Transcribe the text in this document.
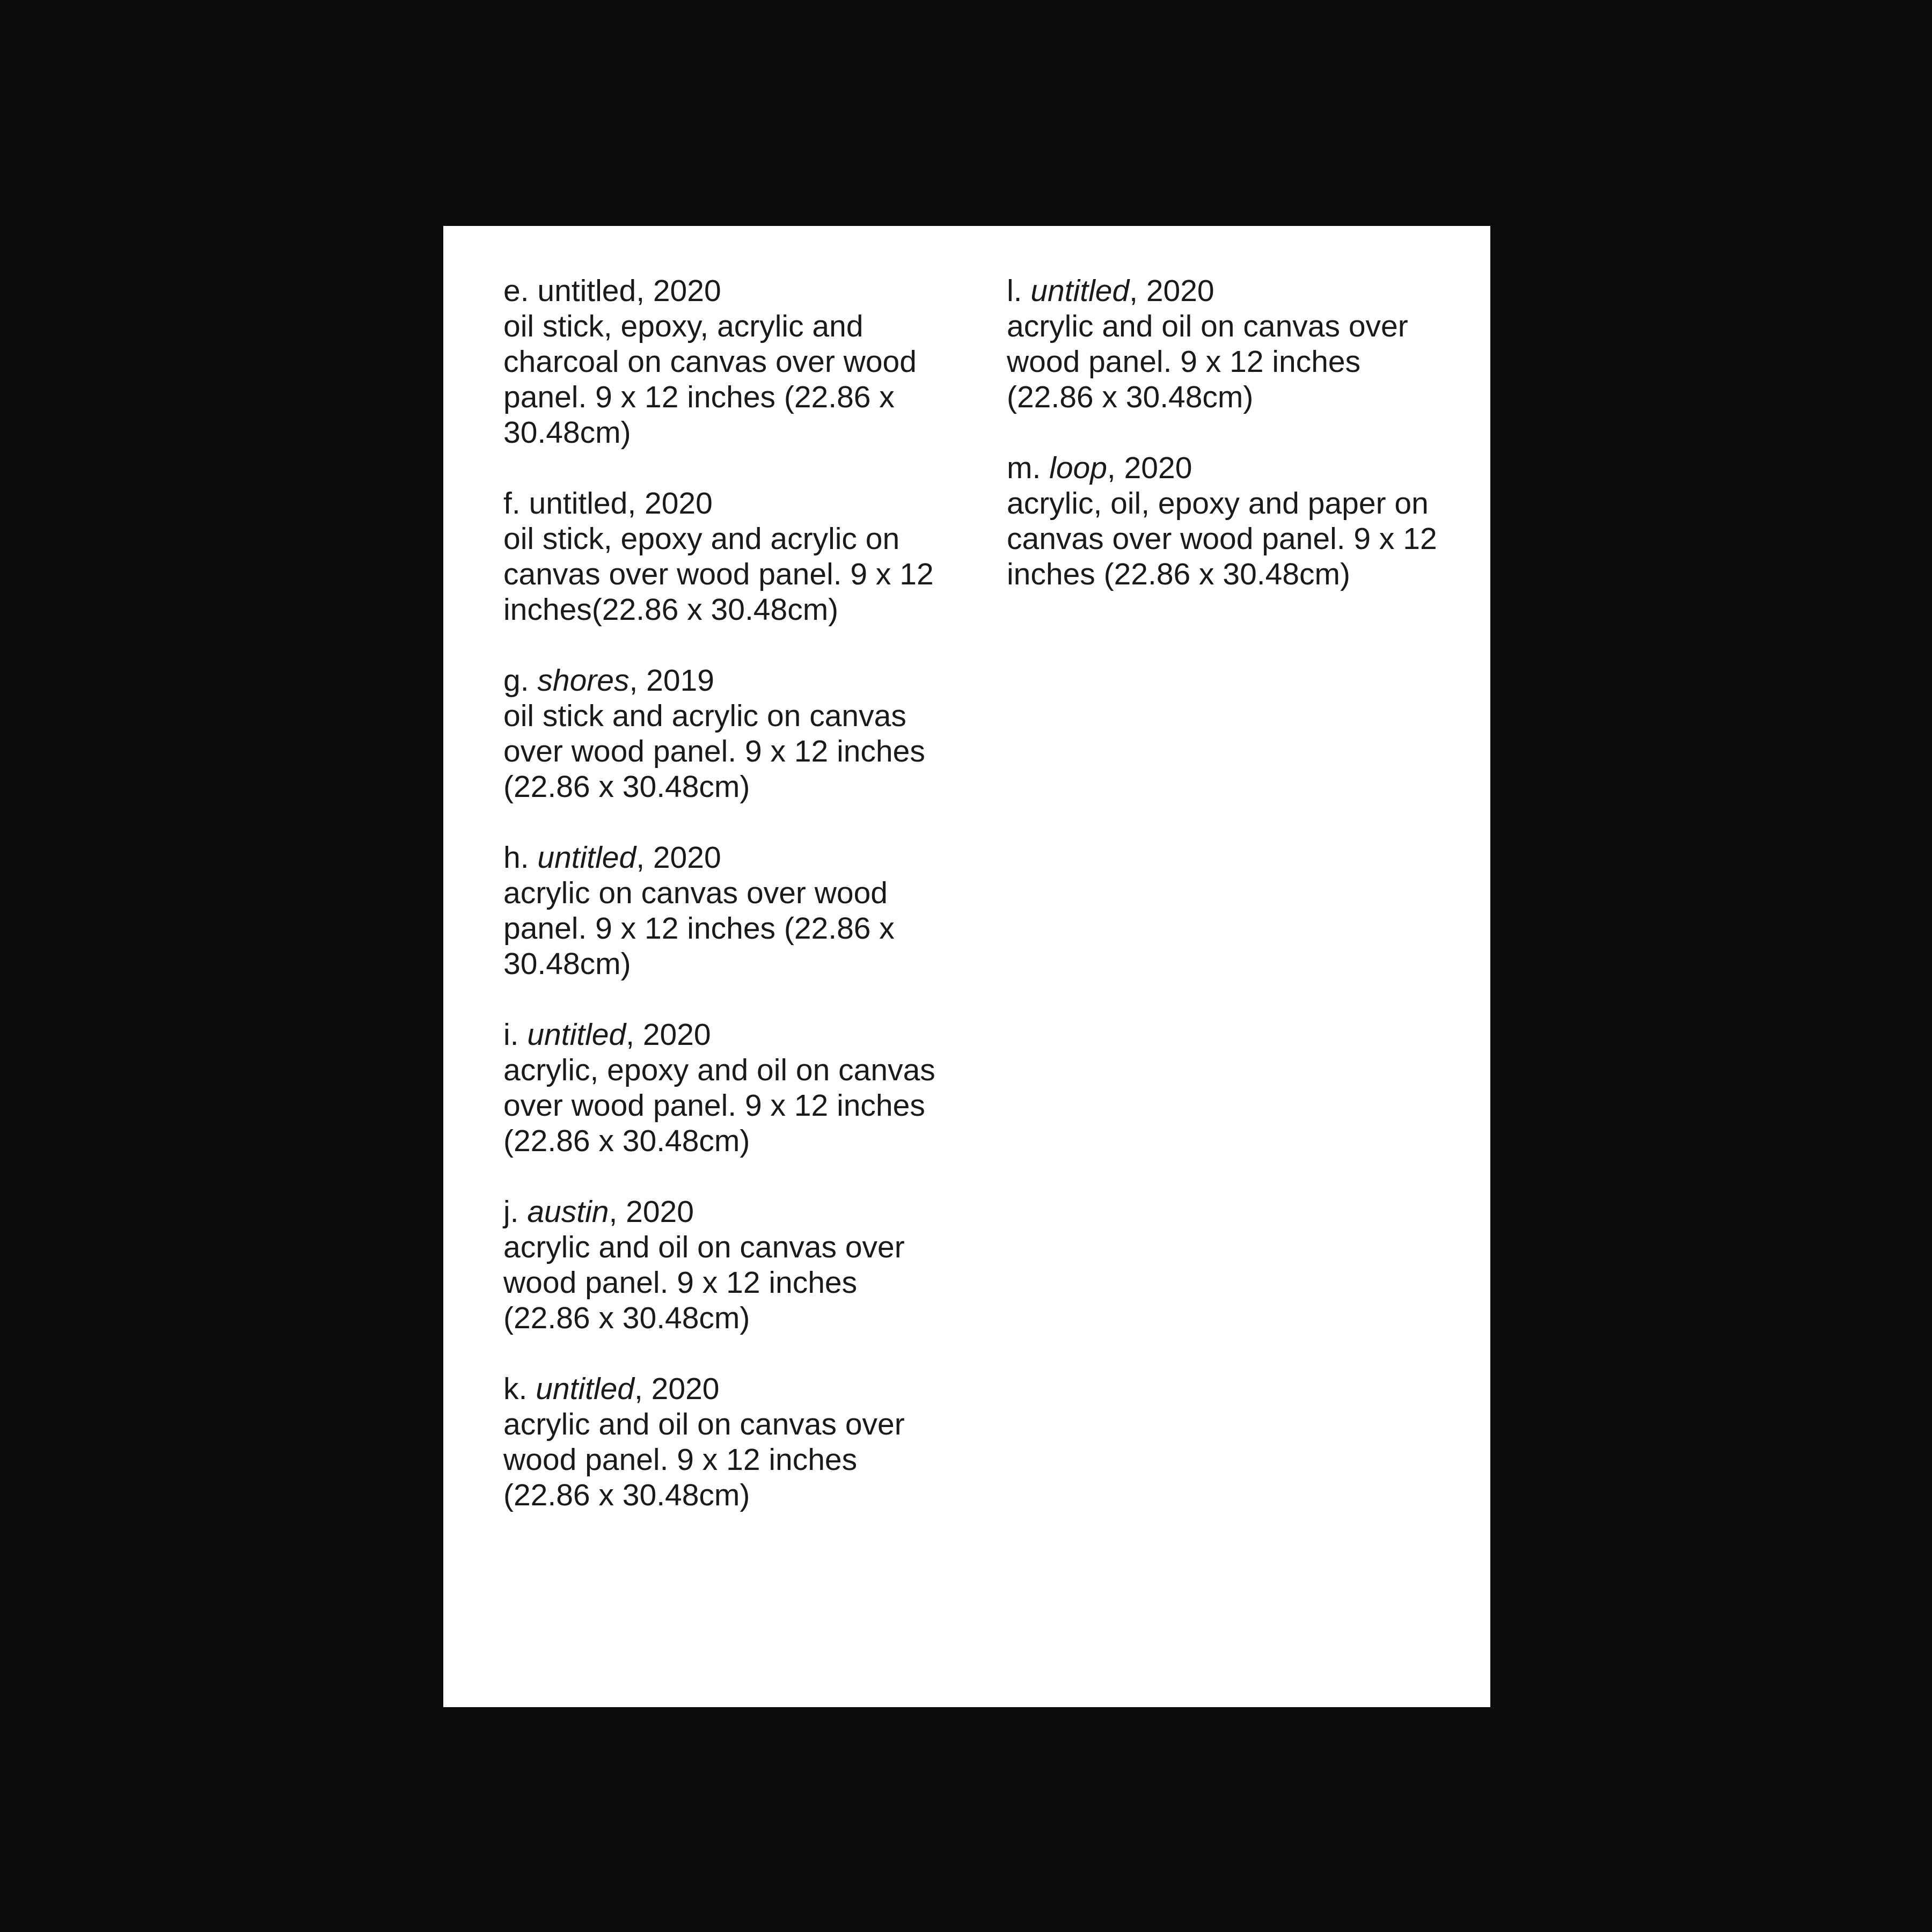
e. untitled, 2020
oil stick, epoxy, acrylic and charcoal on canvas over wood panel. 9 x 12 inches (22.86 x 30.48cm)
f. untitled, 2020
oil stick, epoxy and acrylic on canvas over wood panel. 9 x 12 inches(22.86 x 30.48cm)
g. shores, 2019
oil stick and acrylic on canvas over wood panel. 9 x 12 inches (22.86 x 30.48cm)
h. untitled, 2020
acrylic on canvas over wood panel. 9 x 12 inches (22.86 x 30.48cm)
i. untitled, 2020
acrylic, epoxy and oil on canvas over wood panel. 9 x 12 inches (22.86 x 30.48cm)
j. austin, 2020
acrylic and oil on canvas over wood panel. 9 x 12 inches (22.86 x 30.48cm)
k. untitled, 2020
acrylic and oil on canvas over wood panel. 9 x 12 inches (22.86 x 30.48cm)
l. untitled, 2020
acrylic and oil on canvas over wood panel. 9 x 12 inches (22.86 x 30.48cm)
m. loop, 2020
acrylic, oil, epoxy and paper on canvas over wood panel. 9 x 12 inches (22.86 x 30.48cm)
